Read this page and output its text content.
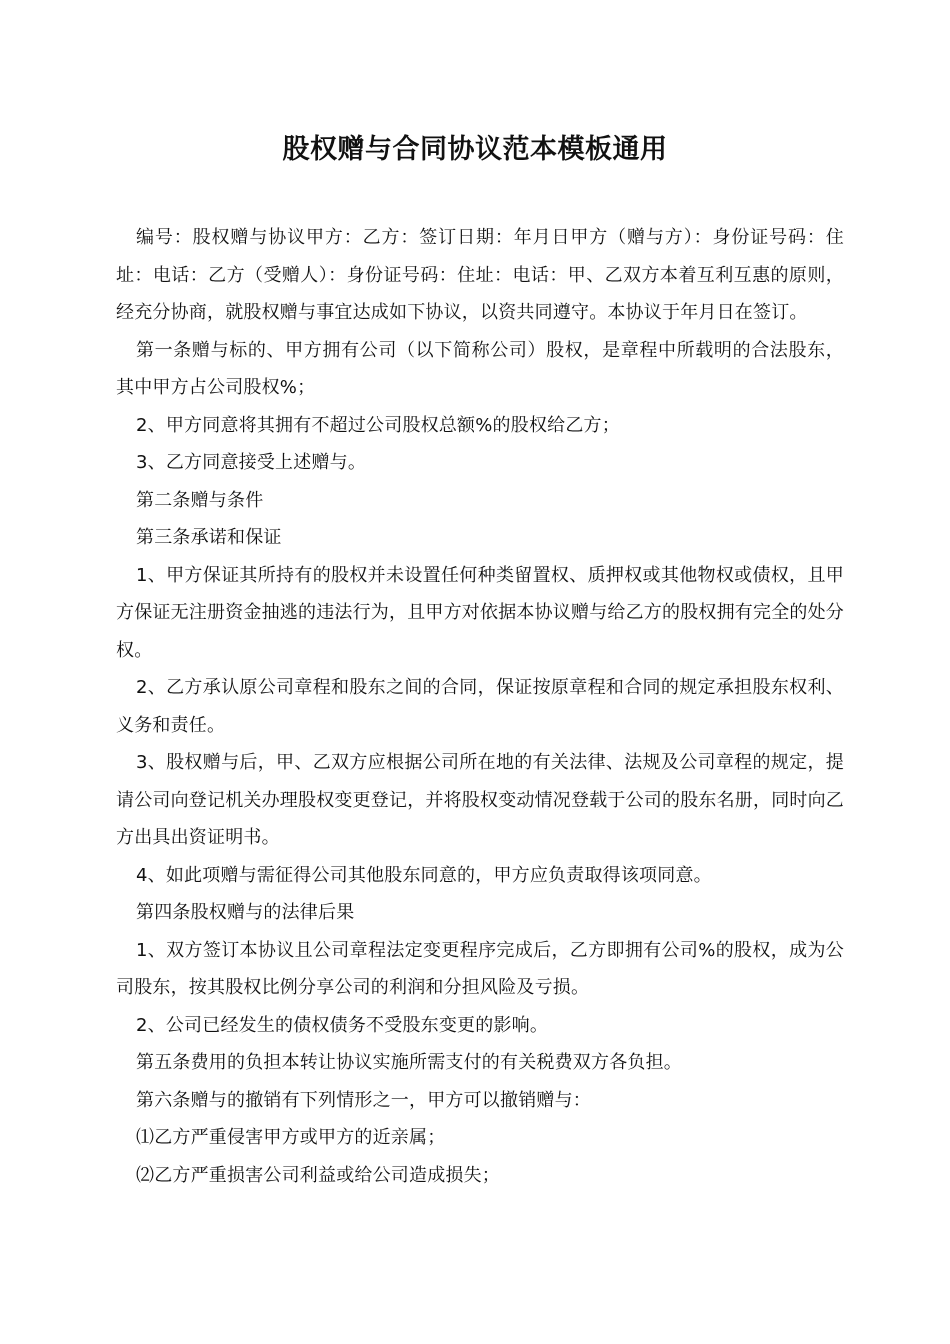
股权赠与合同协议范本模板通用

编号：股权赠与协议甲方：乙方：签订日期：年月日甲方（赠与方）：身份证号码：住址：电话：乙方（受赠人）：身份证号码：住址：电话：甲、乙双方本着互利互惠的原则，经充分协商，就股权赠与事宜达成如下协议，以资共同遵守。本协议于年月日在签订。

第一条赠与标的、甲方拥有公司（以下简称公司）股权，是章程中所载明的合法股东，其中甲方占公司股权%；

2、甲方同意将其拥有不超过公司股权总额%的股权给乙方；

3、乙方同意接受上述赠与。

第二条赠与条件

第三条承诺和保证

1、甲方保证其所持有的股权并未设置任何种类留置权、质押权或其他物权或债权，且甲方保证无注册资金抽逃的违法行为，且甲方对依据本协议赠与给乙方的股权拥有完全的处分权。

2、乙方承认原公司章程和股东之间的合同，保证按原章程和合同的规定承担股东权利、义务和责任。

3、股权赠与后，甲、乙双方应根据公司所在地的有关法律、法规及公司章程的规定，提请公司向登记机关办理股权变更登记，并将股权变动情况登载于公司的股东名册，同时向乙方出具出资证明书。

4、如此项赠与需征得公司其他股东同意的，甲方应负责取得该项同意。

第四条股权赠与的法律后果

1、双方签订本协议且公司章程法定变更程序完成后，乙方即拥有公司%的股权，成为公司股东，按其股权比例分享公司的利润和分担风险及亏损。

2、公司已经发生的债权债务不受股东变更的影响。

第五条费用的负担本转让协议实施所需支付的有关税费双方各负担。

第六条赠与的撤销有下列情形之一，甲方可以撤销赠与：

⑴乙方严重侵害甲方或甲方的近亲属；

⑵乙方严重损害公司利益或给公司造成损失；
